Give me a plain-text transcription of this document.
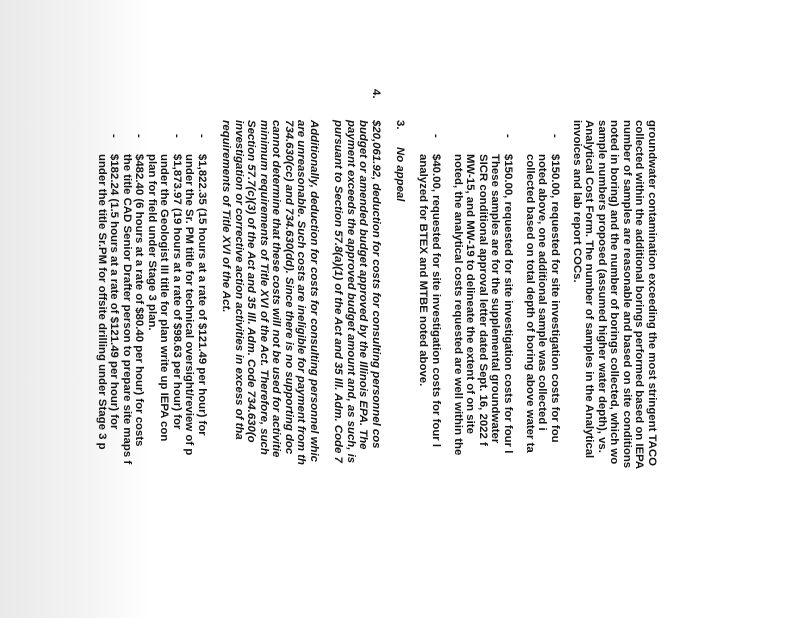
groundwater contamination exceeding the most stringent TACO
collected within the additional borings performed based on IEPA
number of samples are reasonable and based on site conditions
noted in boring) and the number of borings collected, which wo
sample numbers proposed (assumed higher water depth), vs.
Analytical Cost Form. The number of samples in the Analytical
invoices and lab report COCs.
-
$150.00, requested for site investigation costs for fou
noted above, one additional sample was collected i
collected based on total depth of boring above water ta
-
$150.00, requested for site investigation costs for four l
These samples are for the supplemental groundwater
SICR conditional approval letter dated Sept. 16, 2022 f
MW-15, and MW-19 to delineate the extent of on site
noted, the analytical costs requested are well within the
-
$40.00, requested for site investigation costs for four l
analyzed for BTEX and MTBE noted above.
3.
No appeal
4.
$20,061.92, deduction for costs for consulting personnel cos
budget or amended budget approved by the Illinois EPA. The
payment exceeds the approved budget amount and, as such, is
pursuant to Section 57.8(a)(1) of the Act and 35 Ill. Adm. Code 7
Additionally, deduction for costs for consulting personnel whic
are unreasonable. Such costs are ineligible for payment from th
734.630(cc) and 734.630(dd). Since there is no supporting doc
cannot determine that these costs will not be used for activitie
minimum requirements of Title XVI of the Act. Therefore, such
Section 57.7(c)(3) of the Act and 35 Ill. Adm. Code 734.630(o
investigation or corrective action activities in excess of tha
requirements of Title XVI of the Act.
-
$1,822.35 (15 hours at a rate of $121.49 per hour) for
under the Sr. PM title for technical oversight/review of p
-
$1,873.97 (19 hours at a rate of $98.63 per hour) for
under the Geologist III title for plan write up IEPA con
plan for field under Stage 3 plan.
-
$482.40 (6 hours at a rate of $80.40 per hour) for costs
the title CAD Senior Drafter person to prepare site maps f
-
$182.24 (1.5 hours at a rate of $121.49 per hour) for
under the title Sr.PM for offsite drilling under Stage 3 p
